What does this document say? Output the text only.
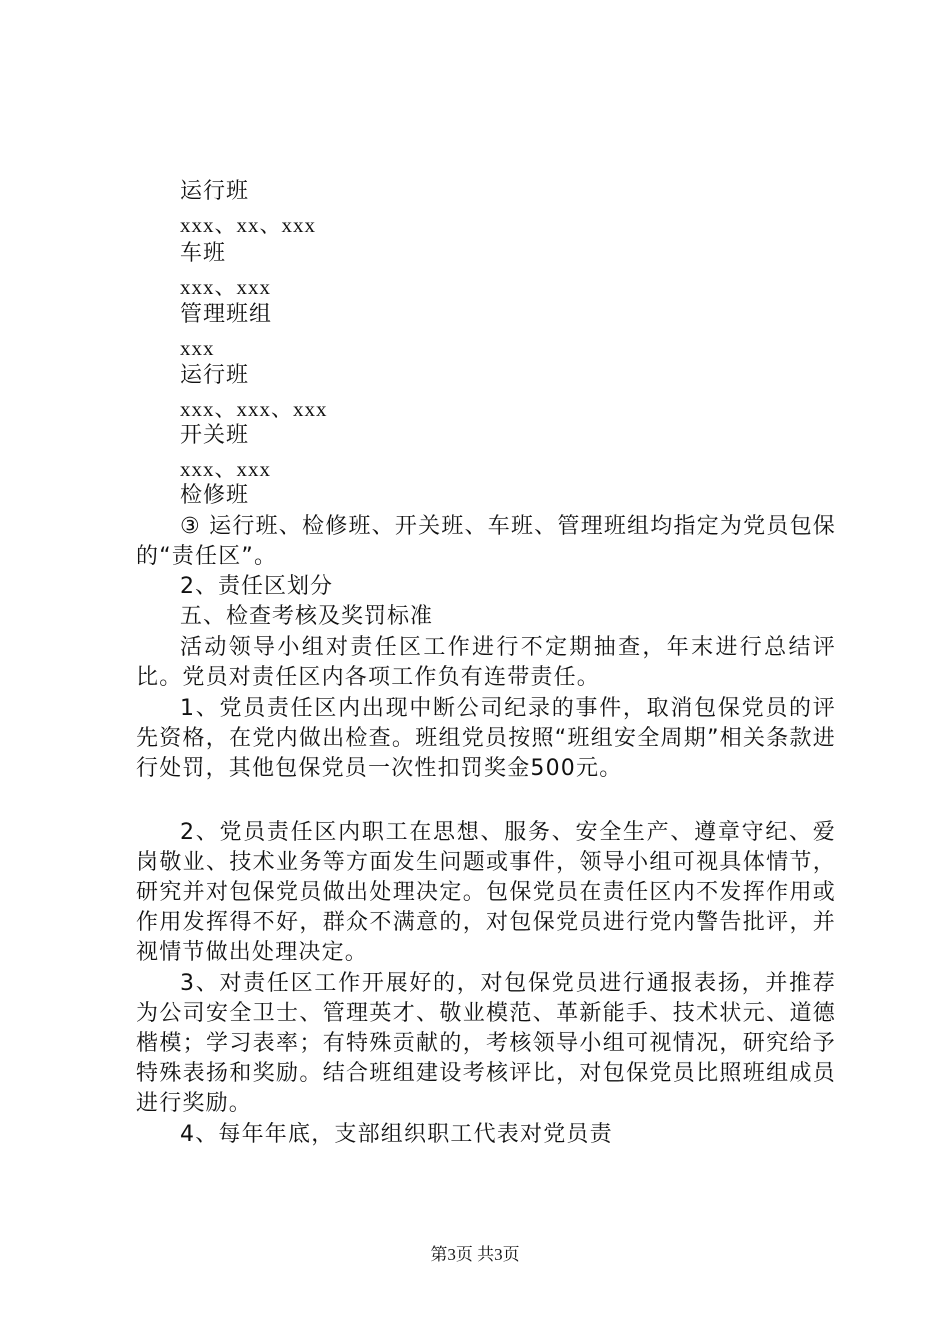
运行班
xxx、xx、xxx
车班
xxx、xxx
管理班组
xxx
运行班
xxx、xxx、xxx
开关班
xxx、xxx
检修班
③ 运行班、检修班、开关班、车班、管理班组均指定为党员包保的“责任区”。
2、责任区划分
五、检查考核及奖罚标准
活动领导小组对责任区工作进行不定期抽查，年末进行总结评比。党员对责任区内各项工作负有连带责任。
1、党员责任区内出现中断公司纪录的事件，取消包保党员的评先资格，在党内做出检查。班组党员按照“班组安全周期”相关条款进行处罚，其他包保党员一次性扣罚奖金500元。
2、党员责任区内职工在思想、服务、安全生产、遵章守纪、爱岗敬业、技术业务等方面发生问题或事件，领导小组可视具体情节，研究并对包保党员做出处理决定。包保党员在责任区内不发挥作用或作用发挥得不好，群众不满意的，对包保党员进行党内警告批评，并视情节做出处理决定。
3、对责任区工作开展好的，对包保党员进行通报表扬，并推荐为公司安全卫士、管理英才、敬业模范、革新能手、技术状元、道德楷模；学习表率；有特殊贡献的，考核领导小组可视情况，研究给予特殊表扬和奖励。结合班组建设考核评比，对包保党员比照班组成员进行奖励。
4、每年年底，支部组织职工代表对党员责
第3页 共3页
